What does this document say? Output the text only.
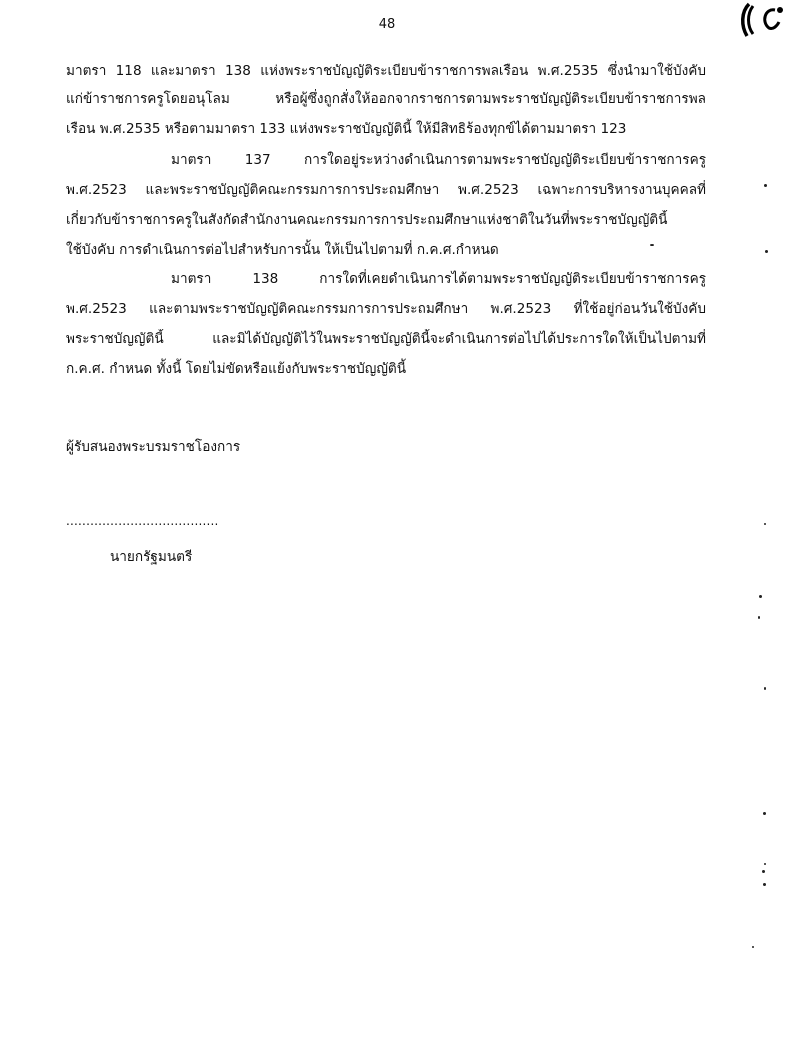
48
มาตรา 118 และมาตรา 138 แห่งพระราชบัญญัติระเบียบข้าราชการพลเรือน พ.ศ.2535 ซึ่งนำมาใช้บังคับ
แก่ข้าราชการครูโดยอนุโลม หรือผู้ซึ่งถูกสั่งให้ออกจากราชการตามพระราชบัญญัติระเบียบข้าราชการพล
เรือน พ.ศ.2535 หรือตามมาตรา 133 แห่งพระราชบัญญัตินี้ ให้มีสิทธิร้องทุกข์ได้ตามมาตรา 123
มาตรา 137 การใดอยู่ระหว่างดำเนินการตามพระราชบัญญัติระเบียบข้าราชการครู
พ.ศ.2523 และพระราชบัญญัติคณะกรรมการการประถมศึกษา พ.ศ.2523 เฉพาะการบริหารงานบุคคลที่
เกี่ยวกับข้าราชการครูในสังกัดสำนักงานคณะกรรมการการประถมศึกษาแห่งชาติในวันที่พระราชบัญญัตินี้
ใช้บังคับ การดำเนินการต่อไปสำหรับการนั้น ให้เป็นไปตามที่ ก.ค.ศ.กำหนด
มาตรา 138 การใดที่เคยดำเนินการได้ตามพระราชบัญญัติระเบียบข้าราชการครู
พ.ศ.2523 และตามพระราชบัญญัติคณะกรรมการการประถมศึกษา พ.ศ.2523 ที่ใช้อยู่ก่อนวันใช้บังคับ
พระราชบัญญัตินี้ และมิได้บัญญัติไว้ในพระราชบัญญัตินี้จะดำเนินการต่อไปได้ประการใดให้เป็นไปตามที่
ก.ค.ศ. กำหนด ทั้งนี้ โดยไม่ขัดหรือแย้งกับพระราชบัญญัตินี้
ผู้รับสนองพระบรมราชโองการ
......................................
นายกรัฐมนตรี
